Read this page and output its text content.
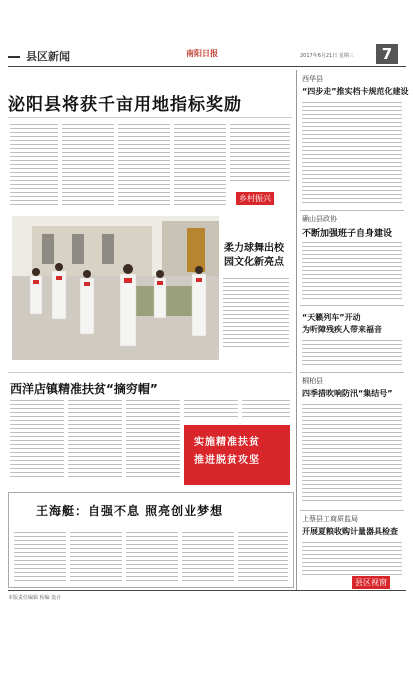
县区新闻	南阳日报	2017年6月21日 星期三	7
泌阳县将获千亩用地指标奖励
乡村振兴
柔力球舞出校园文化新亮点
西洋店镇精准扶贫“摘穷帽”
实施精准扶贫
推进脱贫攻坚
王海艇：自强不息 照亮创业梦想
西华县
“四步走”推实档卡规范化建设
确山县政协
不断加强班子自身建设
“天籁列车”开动
为听障残疾人带来福音
桐柏县
四季措吹响防汛“集结号”
上蔡县工商质监局
开展夏粮收购计量器具检查
县区视窗
本版责任编辑 检编 设计
